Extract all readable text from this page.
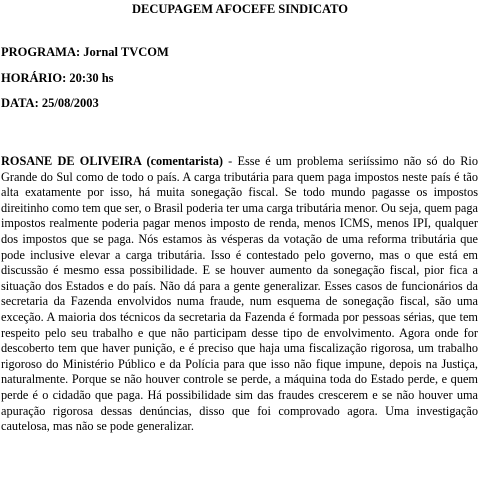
DECUPAGEM AFOCEFE SINDICATO
PROGRAMA: Jornal TVCOM
HORÁRIO: 20:30 hs
DATA: 25/08/2003

ROSANE DE OLIVEIRA (comentarista) - Esse é um problema seriíssimo não só do Rio Grande do Sul como de todo o país. A carga tributária para quem paga impostos neste país é tão alta exatamente por isso, há muita sonegação fiscal. Se todo mundo pagasse os impostos direitinho como tem que ser, o Brasil poderia ter uma carga tributária menor. Ou seja, quem paga impostos realmente poderia pagar menos imposto de renda, menos ICMS, menos IPI, qualquer dos impostos que se paga. Nós estamos às vésperas da votação de uma reforma tributária que pode inclusive elevar a carga tributária. Isso é contestado pelo governo, mas o que está em discussão é mesmo essa possibilidade. E se houver aumento da sonegação fiscal, pior fica a situação dos Estados e do país. Não dá para a gente generalizar. Esses casos de funcionários da secretaria da Fazenda envolvidos numa fraude, num esquema de sonegação fiscal, são uma exceção. A maioria dos técnicos da secretaria da Fazenda é formada por pessoas sérias, que tem respeito pelo seu trabalho e que não participam desse tipo de envolvimento. Agora onde for descoberto tem que haver punição, e é preciso que haja uma fiscalização rigorosa, um trabalho rigoroso do Ministério Público e da Polícia para que isso não fique impune, depois na Justiça, naturalmente. Porque se não houver controle se perde, a máquina toda do Estado perde, e quem perde é o cidadão que paga. Há possibilidade sim das fraudes crescerem e se não houver uma apuração rigorosa dessas denúncias, disso que foi comprovado agora. Uma investigação cautelosa, mas não se pode generalizar.
